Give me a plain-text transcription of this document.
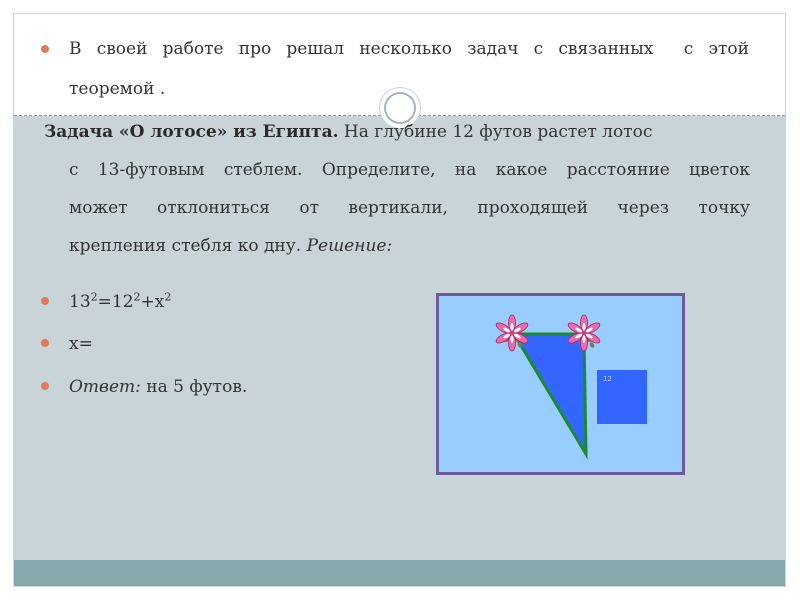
В своей работе про решал несколько задач с связанных  с этой
теоремой .
Задача «О лотосе» из Египта. На глубине 12 футов растет лотос
с 13-футовым стеблем. Определите, на какое расстояние цветок
может отклониться от вертикали, проходящей через точку
крепления стебля ко дну. Решение:
$13^2=12^2+x^2$
x=
Ответ: на 5 футов.	12
